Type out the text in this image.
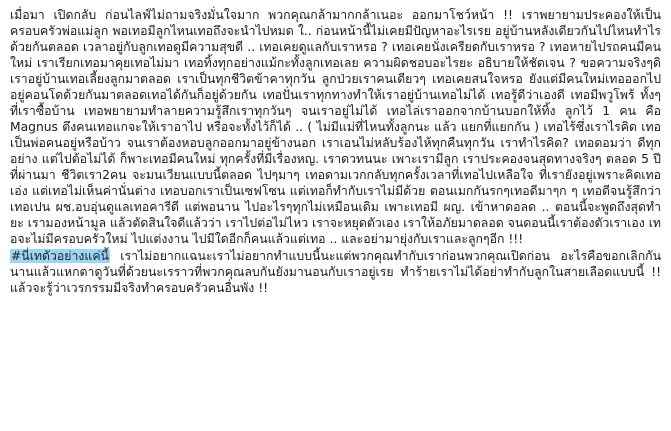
เมื่อมา เปิดกลับ ก่อนไลฟ์ไม่ถามจริงมั่นใจมาก พวกคุณกล้ามากกล้าเนอะ ออกมาโชว์หน้า !! เราพยายามประคองให้เป็นครอบครัวพ่อแม่ลูก พอเทอมีลูกไหนเทอถึงจะนำไปหมด ใ.. ก่อนหน้านี้ไม่เคยมีปัญหาอะไรเรย อยู่บ้านหลังเดียวกันไปไหนทำไรด้วยกันตลอด เวลาอยู่กับลูกเทอดูมีความสุขดี .. เทอเคยดูแลกับเราหรอ ? เทอเคยนั่งเครียดกับเราหรอ ? เทอหายไปรถคนมีคนใหม่ เราเรียกเทอมาคุยเทอไม่มา เทอทิ้งทุกอย่างแม้กะทั้งลูกเทอเลย ความผิดชอบอะไรยะ อธิบายให้ชัดเจน ? ขอความจริงๆดิ เราอยู่บ้านเทอเลี้ยงลูกมาตลอด เราเป็นทุกชีวิตข้าคาทุกวัน ลูกป่วยเราคนเดียวๆ เทอเคยสนใจหรอ ยังแต่มีคนใหม่เทอออกไปอยู่คอนโดด้วยกันมาตลอดเทอได้กันก็อยู่ด้วยกัน เทอปั่นเราทุกทางทำให้เราอยู่บ้านเทอไม่ได้ เทอรู้ดีว่าเองดี เทอมีพวูโพร้ ทั้งๆที่เราซื้อบ้าน เทอพยายามทำลายความรู้สึกเราทุกวันๆ จนเราอยู่ไม่ได้ เทอไล่เราออกจากบ้านบอกให้ทิ้ง ลูกไว้ 1 คน คือ Magnus ตึงคนเทอแกจะให้เราอาไป หรือจะทั้งไว้ก็ได้ .. ( ไม่มีแม่ที่ไหนทั้งลูกนะ แล้ว แยกที่แยกกัน ) เทอไร้ซึ่งเราไรคิด เทอเป็นพ่อคนอยู่หรือบ้าว จนเราต้องหอบลูกออกมาอยู่ข้างนอก เราเอนไม่หลับร้องไห้ทุกคืนทุกวัน เราทำไรคิด? เทอดอมว่า ดีทุกอย่าง แต่ไปต้อไม่ได้ ก็พาะเทอมีคนใหม่ ทุกครั้งที่มีเรื่องหญ. เราดวทนนะ เพาะเรามีลูก เราประคองจนสุดทางจริงๆ ตลอด 5 ปี ที่ผ่านมา ชีวิตเรา2คน จะมนเวียนแบบนี้ตลอด ไปๆมาๆ เทอดามเวกกลับทุกครั้งเวลาที่เทอไปเหลือใจ ที่เรายังอยู่เพราะคิดเทอเอ่ง แต่เทอไม่เห็นค่านั่นต่าง เทอบอกเราเป็นเซฟโซน แต่เทอก็ทำกับเราไม่มีด้วย ตอนเมกกันรกๆเทอดีมาๆก ๆ เทอดีจนรู้สึกว่า เทอเปน ผช.อบอุ่นดูแลเทอคารีดี แต่พอนาน ไปอะไรๆทุกไม่เหมือนเดิม เพาะเทอมี ผญ. เข้าหาดอลด .. ตอนนี้จะพูดถึงสุดทำยะ เรามองหน้ามูล แล้วตัดสินใจดีแล้วว่า เราไปต่อไม่ไหว เราจะหยุดตัวเอง เราให้อภัยมาดลอด จนดอนนี้เราต้องตัวเราเอง เทอจะไม่มีครอบครัวใหม่ ไปแต่งงาน ไปมีใดอีกก็คนแล้วแต่เทอ .. และอย่ามายุ่งกับเราและลูกๆอีก !!!

#นี่เทดัวอย่างแค่นี้ เราไม่อยากแฉนะเราไม่อยากทำแบบนี้นะแต่พวกคุณทำกับเราก่อนพวกคุณเปิดก่อน อะไรคือขอกเลิกกันนานแล้วแหกตาดูวันที่ด้วยนะเรราวที่พวกคุณลบกันยังมานอนกับเราอยู่เรย ทำร้ายเราไม่ได้อย่าทำกับลูกในสายเลือดแบบนี้ !! แล้วจะรู้ว่าเวรกรรมมีจริงทำครอบครัวคนอื่นพัง !!
